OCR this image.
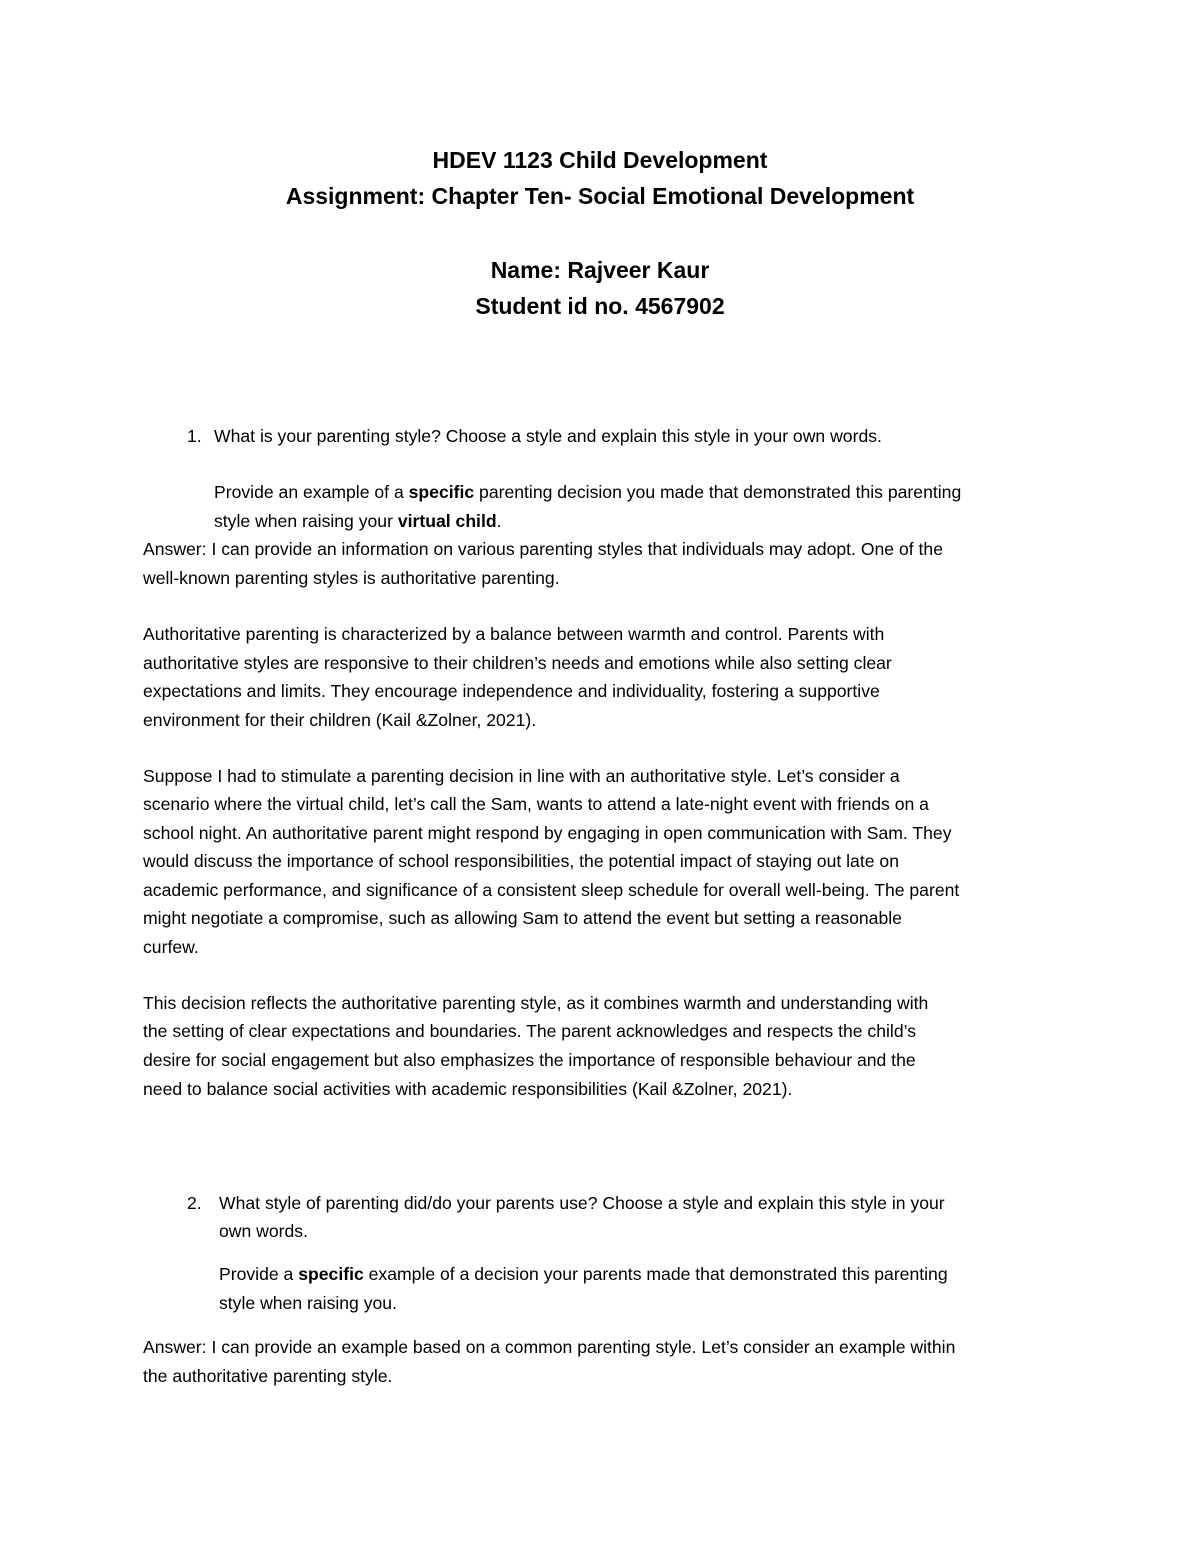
HDEV 1123 Child Development
Assignment: Chapter Ten- Social Emotional Development
Name: Rajveer Kaur
Student id no. 4567902
1. What is your parenting style? Choose a style and explain this style in your own words.
Provide an example of a specific parenting decision you made that demonstrated this parenting
style when raising your virtual child.
Answer: I can provide an information on various parenting styles that individuals may adopt. One of the
well-known parenting styles is authoritative parenting.
Authoritative parenting is characterized by a balance between warmth and control. Parents with
authoritative styles are responsive to their children’s needs and emotions while also setting clear
expectations and limits. They encourage independence and individuality, fostering a supportive
environment for their children (Kail &Zolner, 2021).
Suppose I had to stimulate a parenting decision in line with an authoritative style. Let’s consider a
scenario where the virtual child, let’s call the Sam, wants to attend a late-night event with friends on a
school night. An authoritative parent might respond by engaging in open communication with Sam. They
would discuss the importance of school responsibilities, the potential impact of staying out late on
academic performance, and significance of a consistent sleep schedule for overall well-being. The parent
might negotiate a compromise, such as allowing Sam to attend the event but setting a reasonable
curfew.
This decision reflects the authoritative parenting style, as it combines warmth and understanding with
the setting of clear expectations and boundaries. The parent acknowledges and respects the child’s
desire for social engagement but also emphasizes the importance of responsible behaviour and the
need to balance social activities with academic responsibilities (Kail &Zolner, 2021).
2. What style of parenting did/do your parents use? Choose a style and explain this style in your
own words.
Provide a specific example of a decision your parents made that demonstrated this parenting
style when raising you.
Answer: I can provide an example based on a common parenting style. Let’s consider an example within
the authoritative parenting style.
